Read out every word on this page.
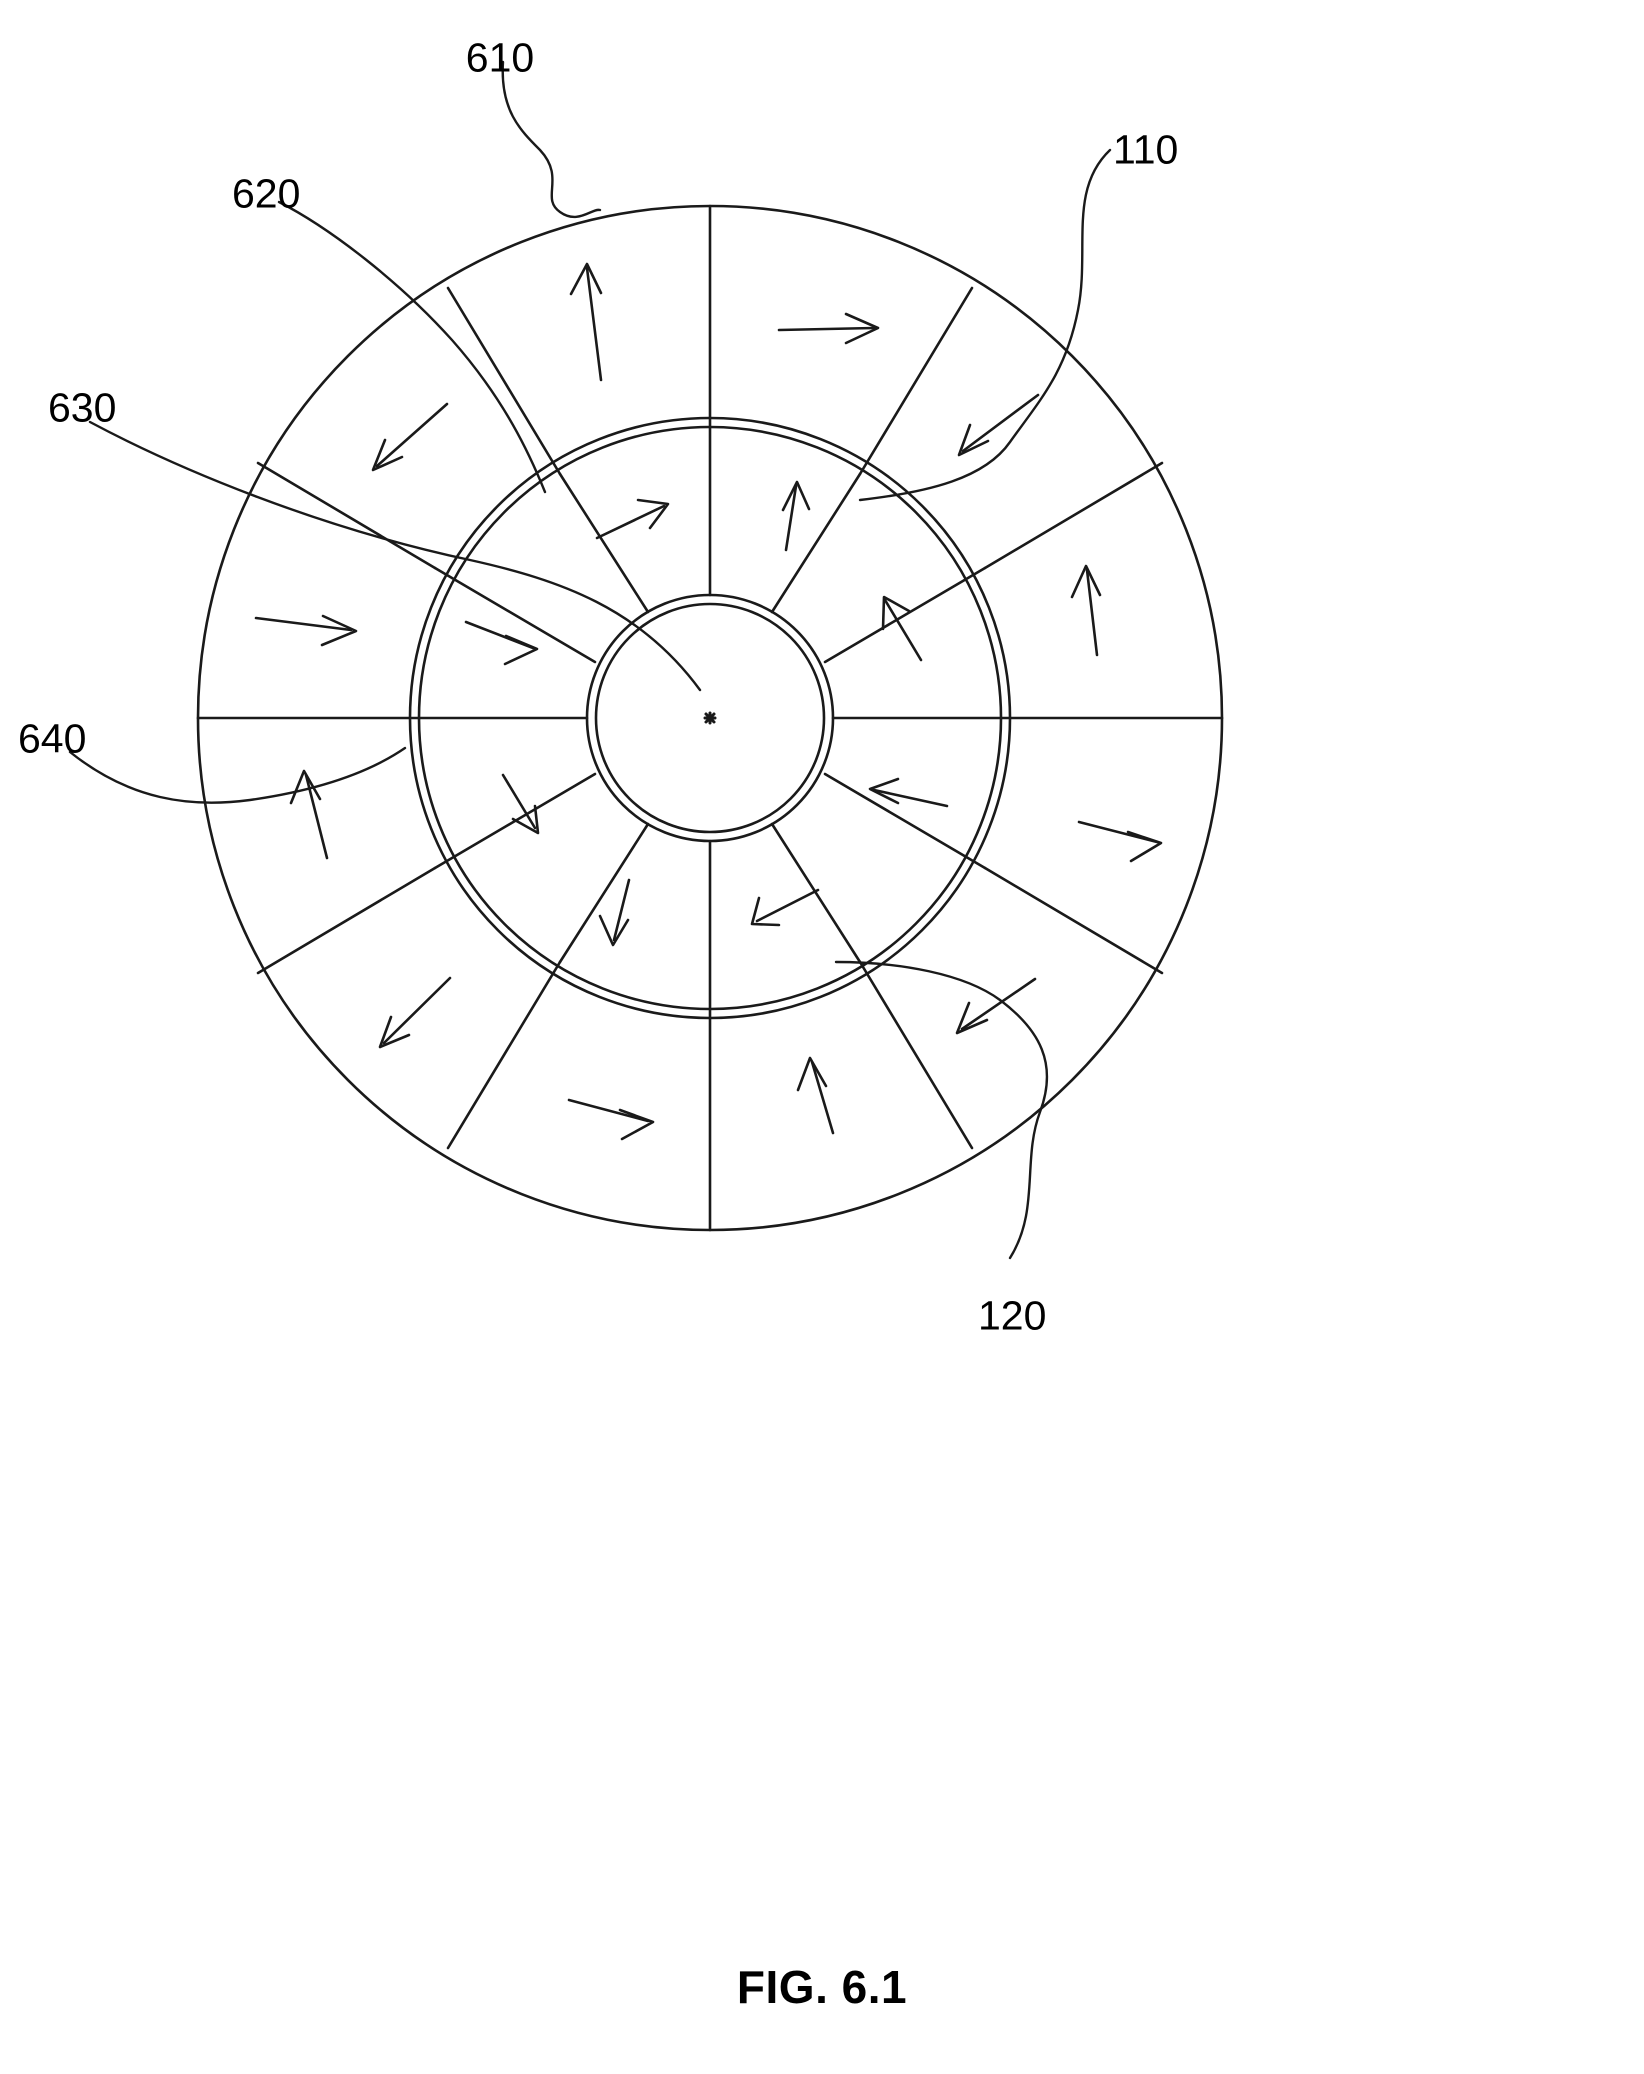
610
620
630
640
110
120
FIG. 6.1
